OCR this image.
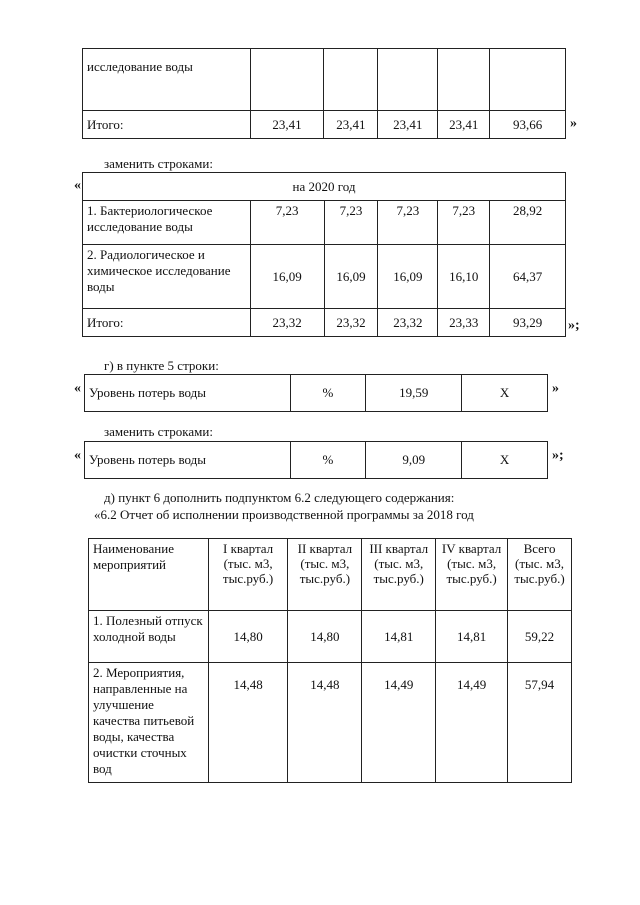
исследование воды					
Итого:	23,41	23,41	23,41	23,41	93,66 »
заменить строками:
«	на 2020 год					
1. Бактериологическое исследование воды	7,23	7,23	7,23	7,23	28,92
2. Радиологическое и химическое исследование воды	16,09	16,09	16,09	16,10	64,37
Итого:	23,32	23,32	23,32	23,33	93,29 »;
г) в пункте 5 строки:
« Уровень потерь воды	%	19,59	Х	»
заменить строками:
« Уровень потерь воды	%	9,09	Х	»;
д) пункт 6 дополнить подпунктом 6.2 следующего содержания:
«6.2 Отчет об исполнении производственной программы за 2018 год
Наименование мероприятий	I квартал (тыс. м3, тыс.руб.)	II квартал (тыс. м3, тыс.руб.)	III квартал (тыс. м3, тыс.руб.)	IV квартал (тыс. м3, тыс.руб.)	Всего (тыс. м3, тыс.руб.)
1. Полезный отпуск холодной воды	14,80	14,80	14,81	14,81	59,22
2. Мероприятия, направленные на улучшение качества питьевой воды, качества очистки сточных вод	14,48	14,48	14,49	14,49	57,94
